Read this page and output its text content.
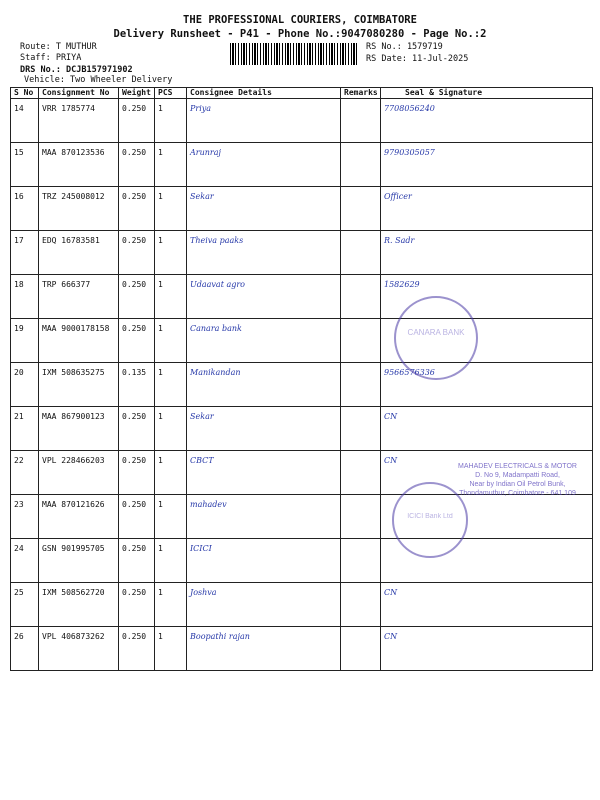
THE PROFESSIONAL COURIERS, COIMBATORE
Delivery Runsheet - P41 - Phone No.:9047080280 - Page No.:2
Route: T MUTHUR
Staff: PRIYA
DRS No.: DCJB157971902
Vehicle: Two Wheeler Delivery
RS No.: 1579719
RS Date: 11-Jul-2025
S No	Consignment No	Weight	PCS	Consignee Details	Remarks	Seal & Signature
14	VRR 1785774	0.250	1	Priya		7708056240
15	MAA 870123536	0.250	1	Arunraj		9790305057
16	TRZ 245008012	0.250	1	Sekar		Officer
17	EDQ 16783581	0.250	1	Theiva paaks		R. Sadr
18	TRP 666377	0.250	1	Udaavat agro		1582629
19	MAA 9000178158	0.250	1	Canara bank		
20	IXM 508635275	0.135	1	Manikandan		9566576336
21	MAA 867900123	0.250	1	Sekar		CN
22	VPL 228466203	0.250	1	CBCT		CN
23	MAA 870121626	0.250	1	mahadev		
24	GSN 901995705	0.250	1	ICICI		
25	IXM 508562720	0.250	1	Joshva		CN
26	VPL 406873262	0.250	1	Boopathi rajan		CN
CANARA BANK
ICICI Bank Ltd
MAHADEV ELECTRICALS & MOTOR
D. No 9, Madampatti Road,
Near by Indian Oil Petrol Bunk,
Thondamuthur, Coimbatore - 641 109
